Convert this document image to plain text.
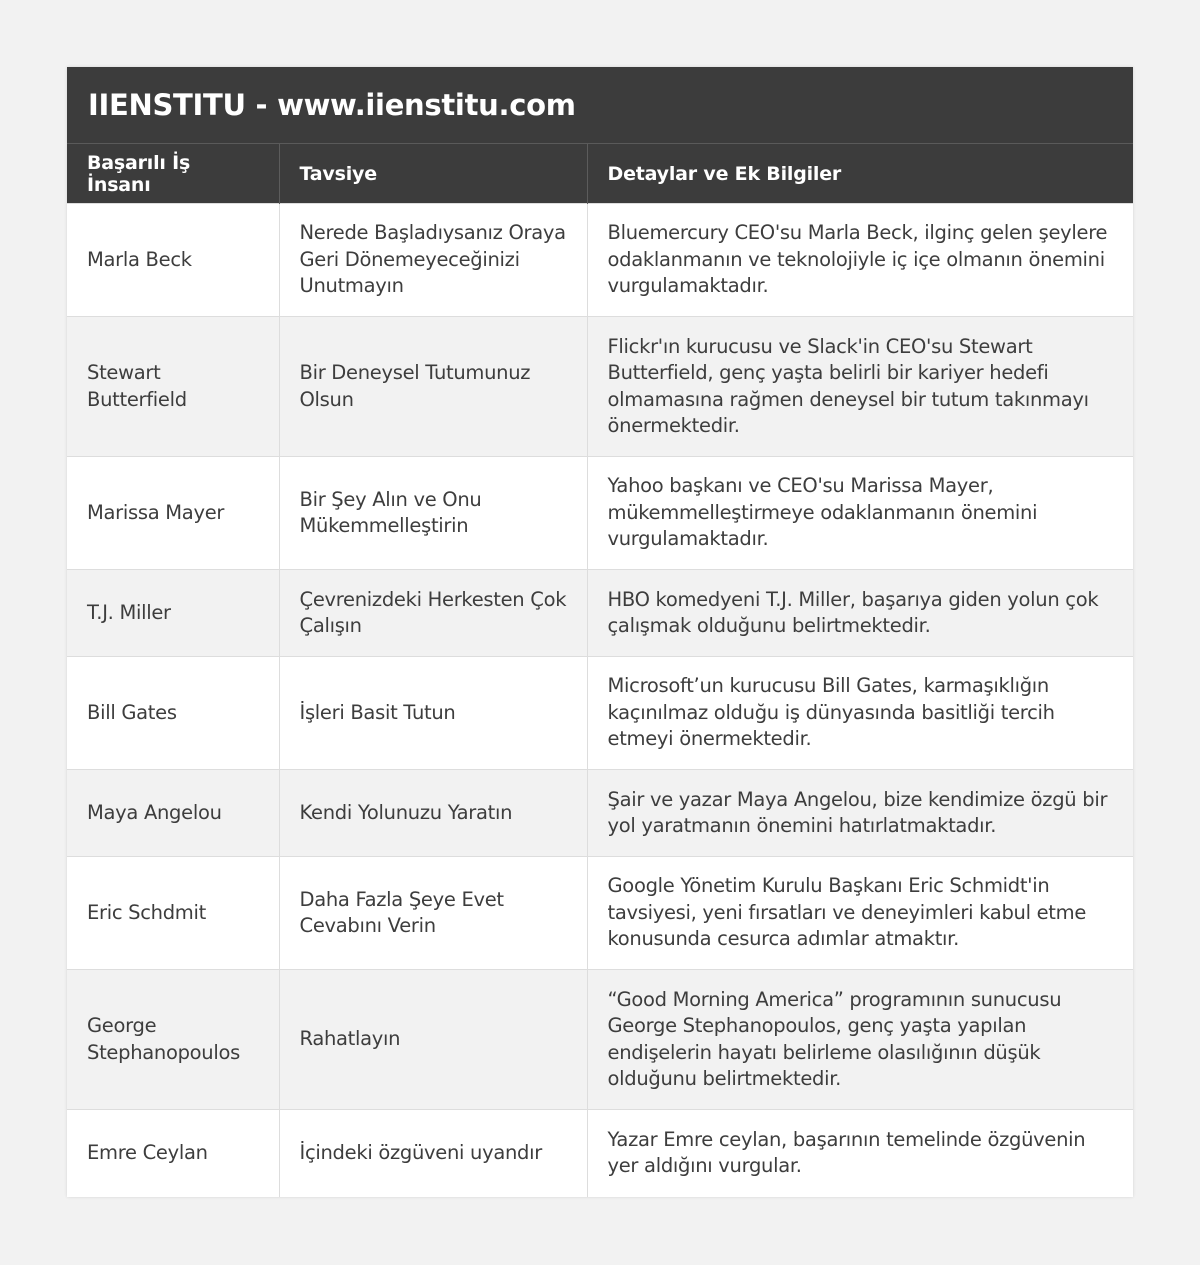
IIENSTITU - www.iienstitu.com
Başarılı İş İnsanı	Tavsiye	Detaylar ve Ek Bilgiler
Marla Beck	Nerede Başladıysanız Oraya Geri Dönemeyeceğinizi Unutmayın	Bluemercury CEO'su Marla Beck, ilginç gelen şeylere odaklanmanın ve teknolojiyle iç içe olmanın önemini vurgulamaktadır.
Stewart Butterfield	Bir Deneysel Tutumunuz Olsun	Flickr'ın kurucusu ve Slack'in CEO'su Stewart Butterfield, genç yaşta belirli bir kariyer hedefi olmamasına rağmen deneysel bir tutum takınmayı önermektedir.
Marissa Mayer	Bir Şey Alın ve Onu Mükemmelleştirin	Yahoo başkanı ve CEO'su Marissa Mayer, mükemmelleştirmeye odaklanmanın önemini vurgulamaktadır.
T.J. Miller	Çevrenizdeki Herkesten Çok Çalışın	HBO komedyeni T.J. Miller, başarıya giden yolun çok çalışmak olduğunu belirtmektedir.
Bill Gates	İşleri Basit Tutun	Microsoft’un kurucusu Bill Gates, karmaşıklığın kaçınılmaz olduğu iş dünyasında basitliği tercih etmeyi önermektedir.
Maya Angelou	Kendi Yolunuzu Yaratın	Şair ve yazar Maya Angelou, bize kendimize özgü bir yol yaratmanın önemini hatırlatmaktadır.
Eric Schdmit	Daha Fazla Şeye Evet Cevabını Verin	Google Yönetim Kurulu Başkanı Eric Schmidt'in tavsiyesi, yeni fırsatları ve deneyimleri kabul etme konusunda cesurca adımlar atmaktır.
George Stephanopoulos	Rahatlayın	“Good Morning America” programının sunucusu George Stephanopoulos, genç yaşta yapılan endişelerin hayatı belirleme olasılığının düşük olduğunu belirtmektedir.
Emre Ceylan	İçindeki özgüveni uyandır	Yazar Emre ceylan, başarının temelinde özgüvenin yer aldığını vurgular.
